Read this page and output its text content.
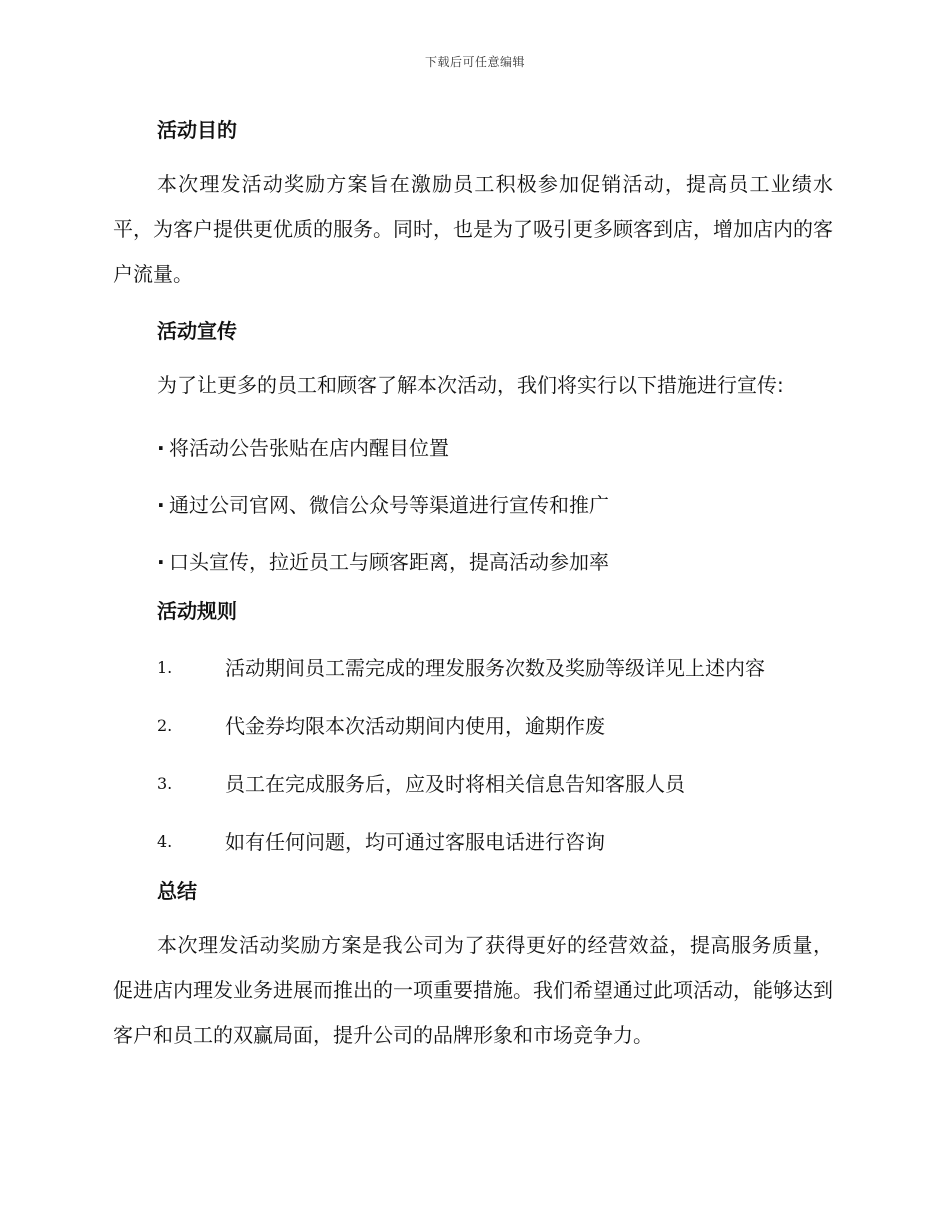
下载后可任意编辑
活动目的

本次理发活动奖励方案旨在激励员工积极参加促销活动，提高员工业绩水平，为客户提供更优质的服务。同时，也是为了吸引更多顾客到店，增加店内的客户流量。

活动宣传

为了让更多的员工和顾客了解本次活动，我们将实行以下措施进行宣传:

· 将活动公告张贴在店内醒目位置
· 通过公司官网、微信公众号等渠道进行宣传和推广
· 口头宣传，拉近员工与顾客距离，提高活动参加率
活动规则
1.	活动期间员工需完成的理发服务次数及奖励等级详见上述内容
2.	代金券均限本次活动期间内使用，逾期作废
3.	员工在完成服务后，应及时将相关信息告知客服人员
4.	如有任何问题，均可通过客服电话进行咨询
总结

本次理发活动奖励方案是我公司为了获得更好的经营效益，提高服务质量，促进店内理发业务进展而推出的一项重要措施。我们希望通过此项活动，能够达到客户和员工的双赢局面，提升公司的品牌形象和市场竞争力。
